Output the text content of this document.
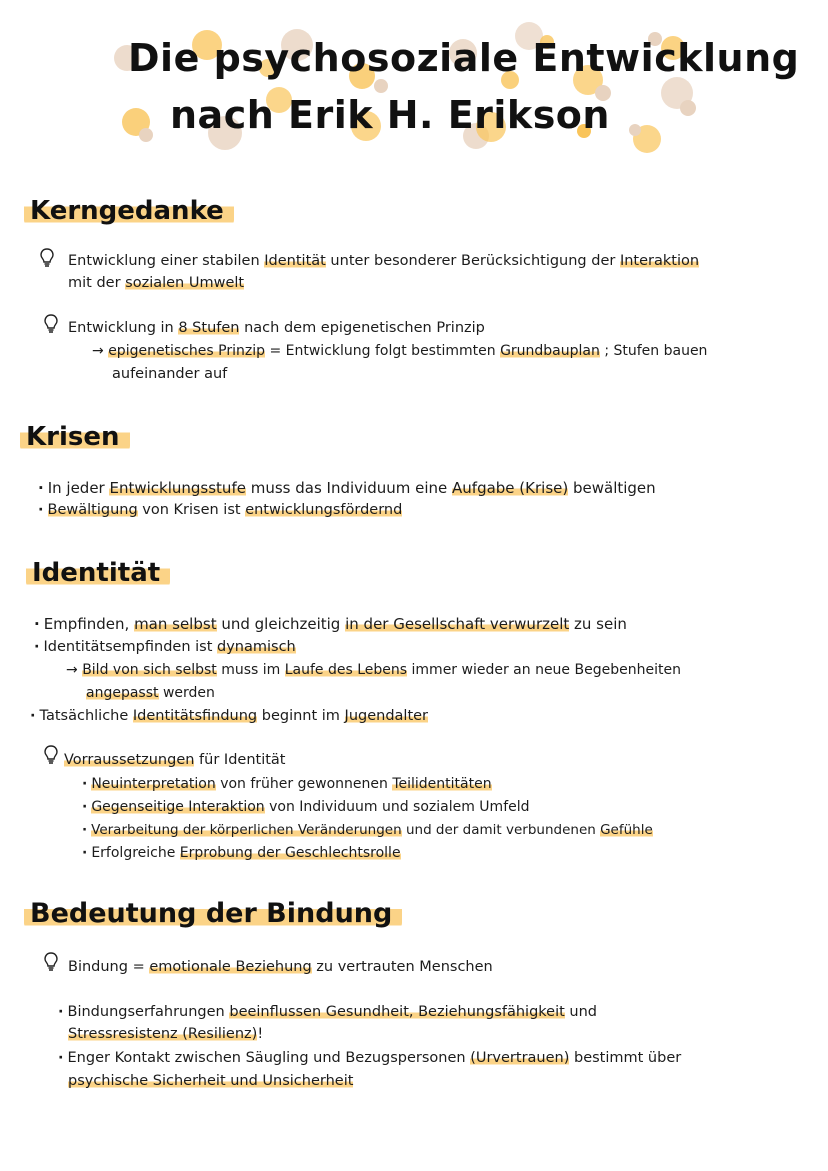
Die psychosoziale Entwicklung
nach Erik H. Erikson
Kerngedanke
Entwicklung einer stabilen Identität unter besonderer Berücksichtigung der Interaktion
mit der sozialen Umwelt
Entwicklung in 8 Stufen nach dem epigenetischen Prinzip
→ epigenetisches Prinzip = Entwicklung folgt bestimmten Grundbauplan ; Stufen bauen
aufeinander auf
Krisen
· In jeder Entwicklungsstufe muss das Individuum eine Aufgabe (Krise) bewältigen
· Bewältigung von Krisen ist entwicklungsfördernd
Identität
· Empfinden, man selbst und gleichzeitig in der Gesellschaft verwurzelt zu sein
· Identitätsempfinden ist dynamisch
→ Bild von sich selbst muss im Laufe des Lebens immer wieder an neue Begebenheiten
angepasst werden
· Tatsächliche Identitätsfindung beginnt im Jugendalter
Vorraussetzungen für Identität
· Neuinterpretation von früher gewonnenen Teilidentitäten
· Gegenseitige Interaktion von Individuum und sozialem Umfeld
· Verarbeitung der körperlichen Veränderungen und der damit verbundenen Gefühle
· Erfolgreiche Erprobung der Geschlechtsrolle
Bedeutung der Bindung
Bindung = emotionale Beziehung zu vertrauten Menschen
· Bindungserfahrungen beeinflussen Gesundheit, Beziehungsfähigkeit und
Stressresistenz (Resilienz)!
· Enger Kontakt zwischen Säugling und Bezugspersonen (Urvertrauen) bestimmt über
psychische Sicherheit und Unsicherheit
